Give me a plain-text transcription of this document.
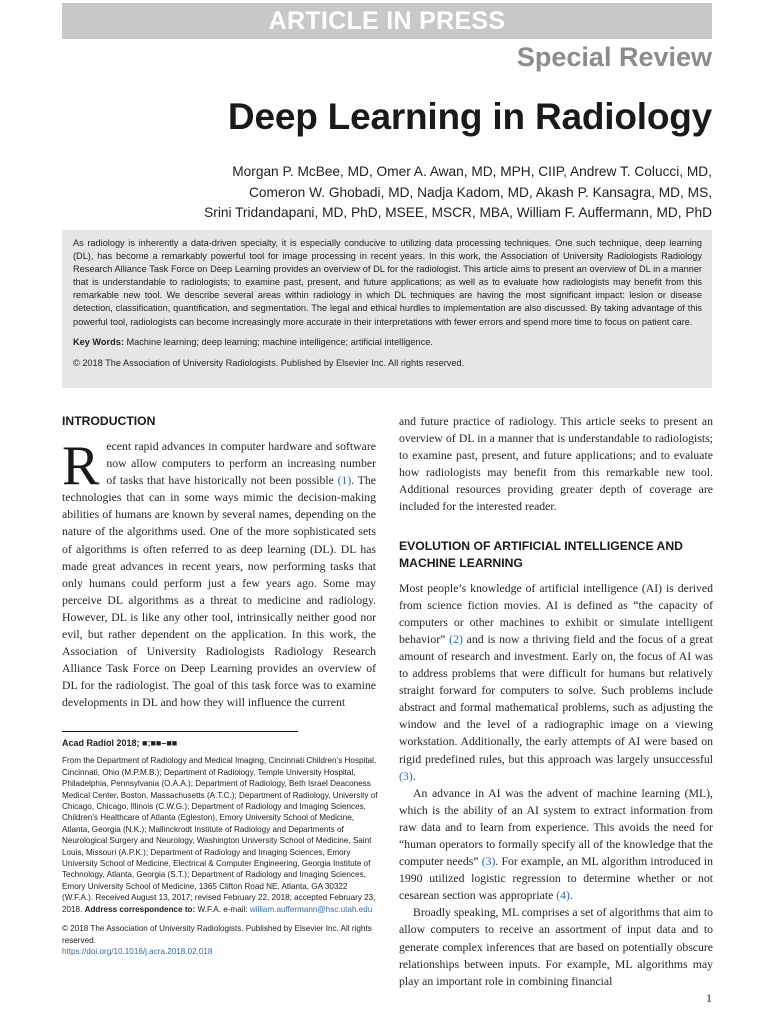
ARTICLE IN PRESS
Special Review
Deep Learning in Radiology
Morgan P. McBee, MD, Omer A. Awan, MD, MPH, CIIP, Andrew T. Colucci, MD,
Comeron W. Ghobadi, MD, Nadja Kadom, MD, Akash P. Kansagra, MD, MS,
Srini Tridandapani, MD, PhD, MSEE, MSCR, MBA, William F. Auffermann, MD, PhD

As radiology is inherently a data-driven specialty, it is especially conducive to utilizing data processing techniques. One such technique, deep learning (DL), has become a remarkably powerful tool for image processing in recent years. In this work, the Association of University Radiologists Radiology Research Alliance Task Force on Deep Learning provides an overview of DL for the radiologist. This article aims to present an overview of DL in a manner that is understandable to radiologists; to examine past, present, and future applications; as well as to evaluate how radiologists may benefit from this remarkable new tool. We describe several areas within radiology in which DL techniques are having the most significant impact: lesion or disease detection, classification, quantification, and segmentation. The legal and ethical hurdles to implementation are also discussed. By taking advantage of this powerful tool, radiologists can become increasingly more accurate in their interpretations with fewer errors and spend more time to focus on patient care.

Key Words: Machine learning; deep learning; machine intelligence; artificial intelligence.

© 2018 The Association of University Radiologists. Published by Elsevier Inc. All rights reserved.

INTRODUCTION

Recent rapid advances in computer hardware and software now allow computers to perform an increasing number of tasks that have historically not been possible (1). The technologies that can in some ways mimic the decision-making abilities of humans are known by several names, depending on the nature of the algorithms used. One of the more sophisticated sets of algorithms is often referred to as deep learning (DL). DL has made great advances in recent years, now performing tasks that only humans could perform just a few years ago. Some may perceive DL algorithms as a threat to medicine and radiology. However, DL is like any other tool, intrinsically neither good nor evil, but rather dependent on the application. In this work, the Association of University Radiologists Radiology Research Alliance Task Force on Deep Learning provides an overview of DL for the radiologist. The goal of this task force was to examine developments in DL and how they will influence the current

Acad Radiol 2018; ■:■■–■■

From the Department of Radiology and Medical Imaging, Cincinnati Children’s Hospital, Cincinnati, Ohio (M.P.M.B.); Department of Radiology, Temple University Hospital, Philadelphia, Pennsylvania (O.A.A.); Department of Radiology, Beth Israel Deaconess Medical Center, Boston, Massachusetts (A.T.C.); Department of Radiology, University of Chicago, Chicago, Illinois (C.W.G.); Department of Radiology and Imaging Sciences, Children’s Healthcare of Atlanta (Egleston), Emory University School of Medicine, Atlanta, Georgia (N.K.); Mallinckrodt Institute of Radiology and Departments of Neurological Surgery and Neurology, Washington University School of Medicine, Saint Louis, Missouri (A.P.K.); Department of Radiology and Imaging Sciences, Emory University School of Medicine, Electrical & Computer Engineering, Georgia Institute of Technology, Atlanta, Georgia (S.T.); Department of Radiology and Imaging Sciences, Emory University School of Medicine, 1365 Clifton Road NE, Atlanta, GA 30322 (W.F.A.). Received August 13, 2017; revised February 22, 2018; accepted February 23, 2018. Address correspondence to: W.F.A. e-mail: william.auffermann@hsc.utah.edu

© 2018 The Association of University Radiologists. Published by Elsevier Inc. All rights reserved.
https://doi.org/10.1016/j.acra.2018.02.018

and future practice of radiology. This article seeks to present an overview of DL in a manner that is understandable to radiologists; to examine past, present, and future applications; and to evaluate how radiologists may benefit from this remarkable new tool. Additional resources providing greater depth of coverage are included for the interested reader.

EVOLUTION OF ARTIFICIAL INTELLIGENCE AND MACHINE LEARNING

Most people’s knowledge of artificial intelligence (AI) is derived from science fiction movies. AI is defined as “the capacity of computers or other machines to exhibit or simulate intelligent behavior” (2) and is now a thriving field and the focus of a great amount of research and investment. Early on, the focus of AI was to address problems that were difficult for humans but relatively straight forward for computers to solve. Such problems include abstract and formal mathematical problems, such as adjusting the window and the level of a radiographic image on a viewing workstation. Additionally, the early attempts of AI were based on rigid predefined rules, but this approach was largely unsuccessful (3).

An advance in AI was the advent of machine learning (ML), which is the ability of an AI system to extract information from raw data and to learn from experience. This avoids the need for “human operators to formally specify all of the knowledge that the computer needs” (3). For example, an ML algorithm introduced in 1990 utilized logistic regression to determine whether or not cesarean section was appropriate (4).

Broadly speaking, ML comprises a set of algorithms that aim to allow computers to receive an assortment of input data and to generate complex inferences that are based on potentially obscure relationships between inputs. For example, ML algorithms may play an important role in combining financial

1
